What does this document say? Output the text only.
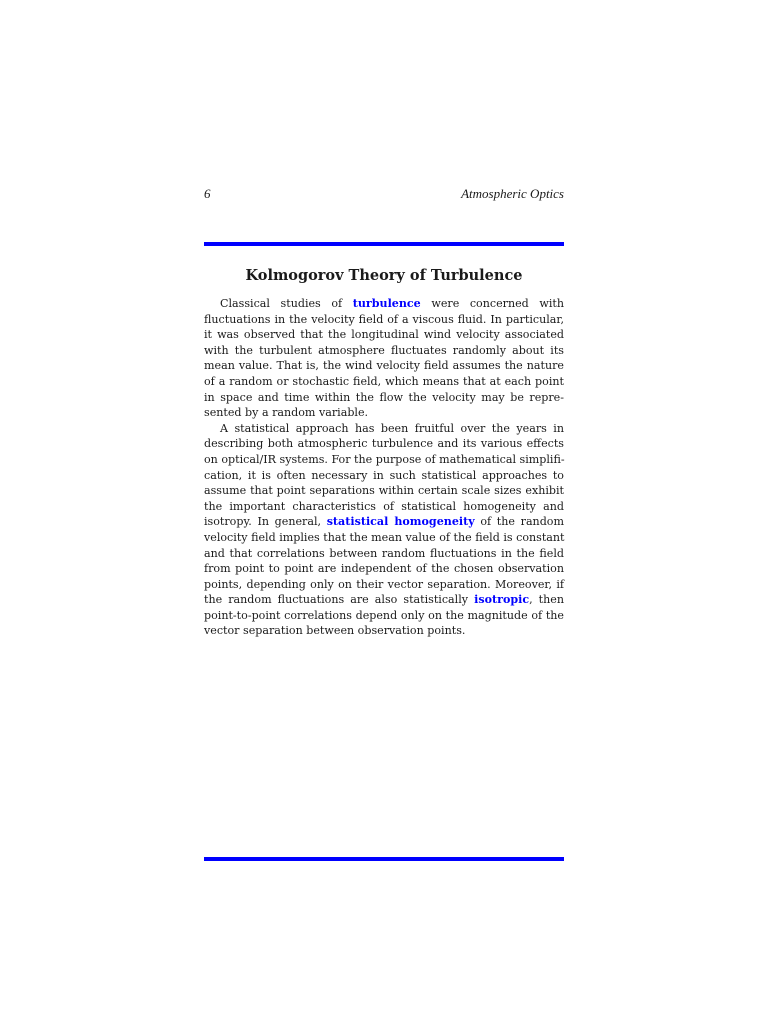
6	Atmospheric Optics
Kolmogorov Theory of Turbulence
Classical studies of turbulence were concerned with
fluctuations in the velocity field of a viscous fluid. In particular,
it was observed that the longitudinal wind velocity associated
with the turbulent atmosphere fluctuates randomly about its
mean value. That is, the wind velocity field assumes the nature
of a random or stochastic field, which means that at each point
in space and time within the flow the velocity may be repre-
sented by a random variable.
A statistical approach has been fruitful over the years in
describing both atmospheric turbulence and its various effects
on optical/IR systems. For the purpose of mathematical simplifi-
cation, it is often necessary in such statistical approaches to
assume that point separations within certain scale sizes exhibit
the important characteristics of statistical homogeneity and
isotropy. In general, statistical homogeneity of the random
velocity field implies that the mean value of the field is constant
and that correlations between random fluctuations in the field
from point to point are independent of the chosen observation
points, depending only on their vector separation. Moreover, if
the random fluctuations are also statistically isotropic, then
point-to-point correlations depend only on the magnitude of the
vector separation between observation points.
